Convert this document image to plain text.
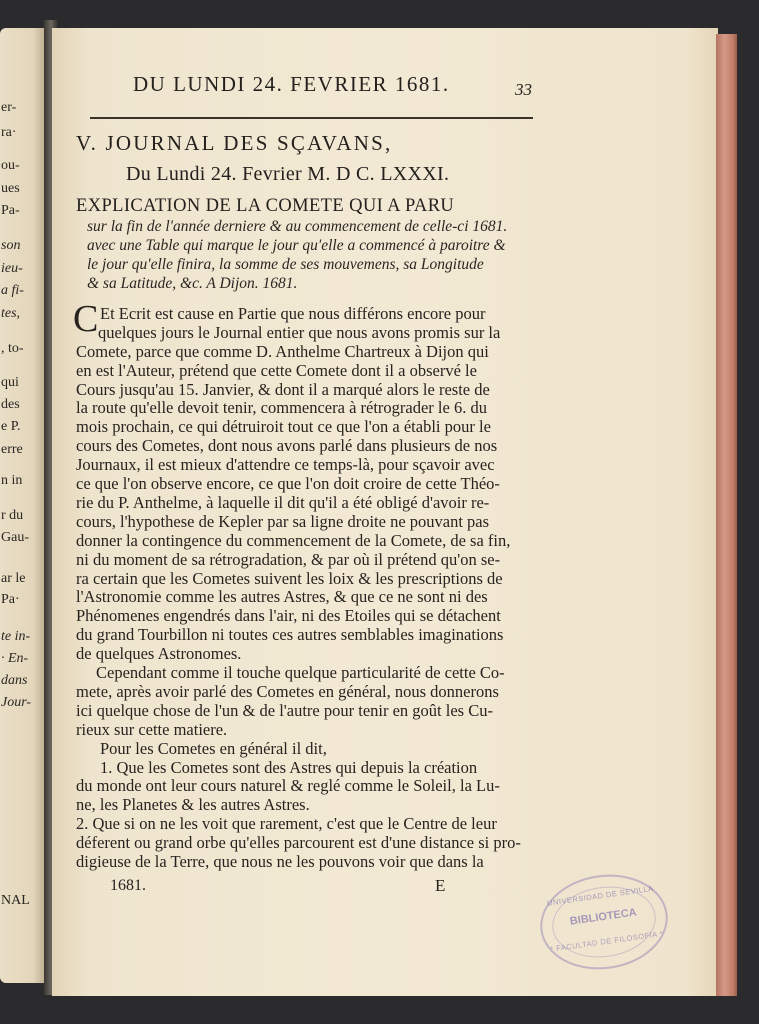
er-
ra·
ou-
ues
Pa-
son
ieu-
a fi-
tes,
, to-
qui
des
e P.
erre
n in
r du
Gau-
ar le
Pa·
te in-
· En-
dans
Jour-
NAL
DU LUNDI 24. FEVRIER 1681.	33
V. JOURNAL DES SÇAVANS,
Du Lundi 24. Fevrier M. D C. LXXXI.
EXPLICATION DE LA COMETE QUI A PARU
sur la fin de l'année derniere & au commencement de celle-ci 1681.
avec une Table qui marque le jour qu'elle a commencé à paroitre &
le jour qu'elle finira, la somme de ses mouvemens, sa Longitude
& sa Latitude, &c. A Dijon. 1681.
C Et Ecrit est cause en Partie que nous différons encore pour
quelques jours le Journal entier que nous avons promis sur la
Comete, parce que comme D. Anthelme Chartreux à Dijon qui
en est l'Auteur, prétend que cette Comete dont il a observé le
Cours jusqu'au 15. Janvier, & dont il a marqué alors le reste de
la route qu'elle devoit tenir, commencera à rétrograder le 6. du
mois prochain, ce qui détruiroit tout ce que l'on a établi pour le
cours des Cometes, dont nous avons parlé dans plusieurs de nos
Journaux, il est mieux d'attendre ce temps-là, pour sçavoir avec
ce que l'on observe encore, ce que l'on doit croire de cette Théo-
rie du P. Anthelme, à laquelle il dit qu'il a été obligé d'avoir re-
cours, l'hypothese de Kepler par sa ligne droite ne pouvant pas
donner la contingence du commencement de la Comete, de sa fin,
ni du moment de sa rétrogradation, & par où il prétend qu'on se-
ra certain que les Cometes suivent les loix & les prescriptions de
l'Astronomie comme les autres Astres, & que ce ne sont ni des
Phénomenes engendrés dans l'air, ni des Etoiles qui se détachent
du grand Tourbillon ni toutes ces autres semblables imaginations
de quelques Astronomes.
Cependant comme il touche quelque particularité de cette Co-
mete, après avoir parlé des Cometes en général, nous donnerons
ici quelque chose de l'un & de l'autre pour tenir en goût les Cu-
rieux sur cette matiere.
Pour les Cometes en général il dit,
1. Que les Cometes sont des Astres qui depuis la création
du monde ont leur cours naturel & reglé comme le Soleil, la Lu-
ne, les Planetes & les autres Astres.
2. Que si on ne les voit que rarement, c'est que le Centre de leur
déferent ou grand orbe qu'elles parcourent est d'une distance si pro-
digieuse de la Terre, que nous ne les pouvons voir que dans la
1681.	E	UNIVERSIDAD DE SEVILLA
BIBLIOTECA
* FACULTAD DE FILOSOFÍA *
